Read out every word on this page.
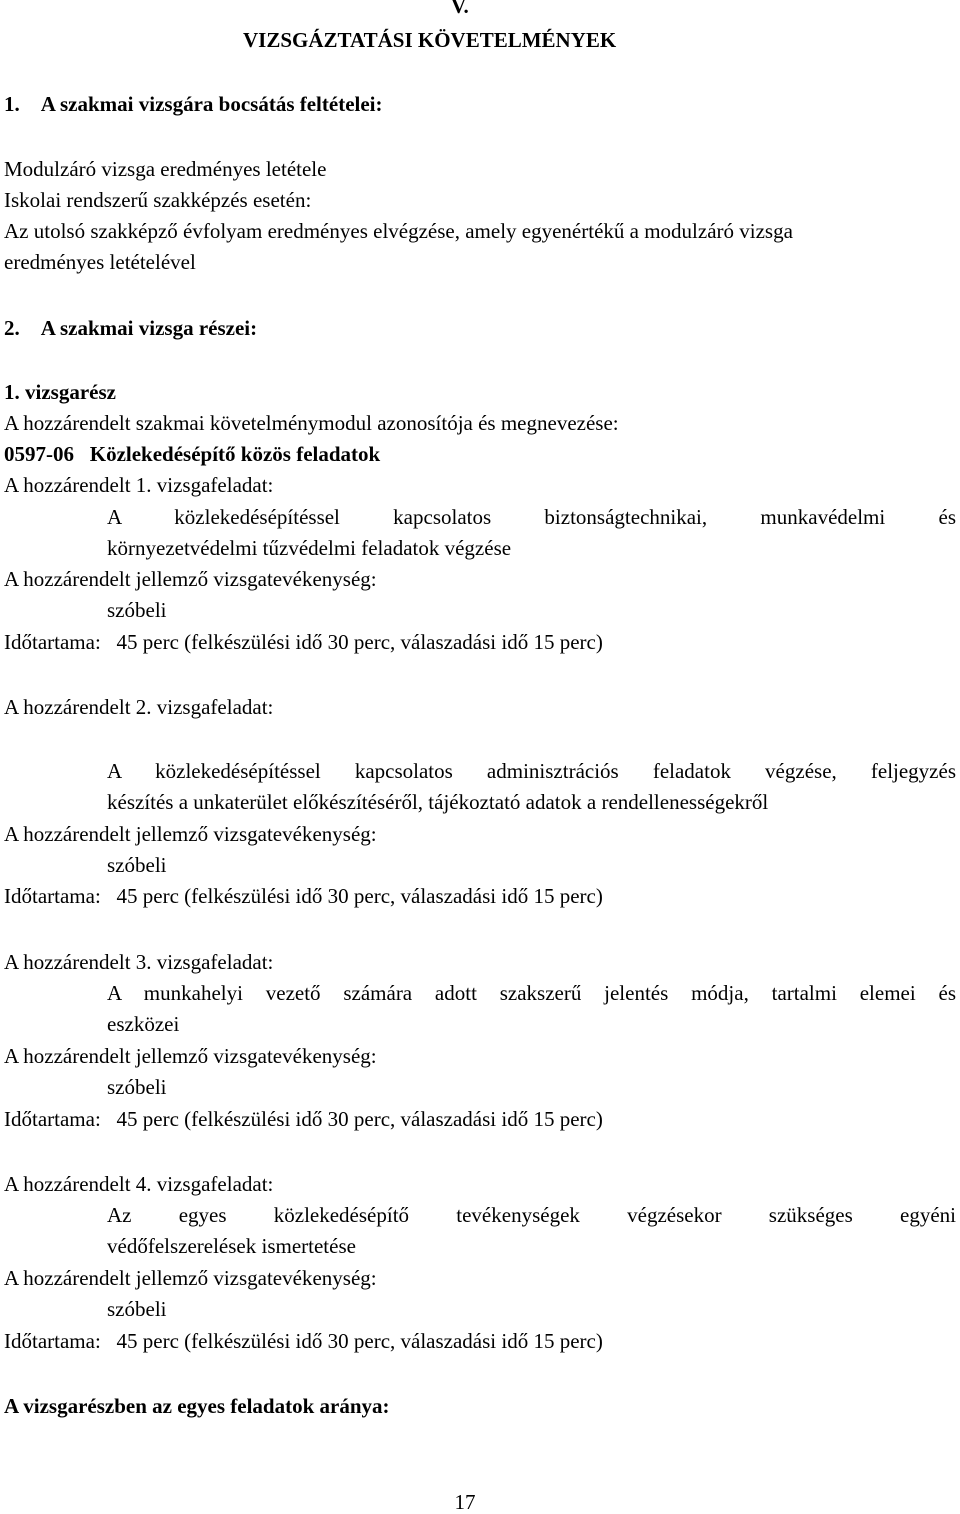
V.
VIZSGÁZTATÁSI KÖVETELMÉNYEK
1.    A szakmai vizsgára bocsátás feltételei:
Modulzáró vizsga eredményes letétele
Iskolai rendszerű szakképzés esetén:
Az utolsó szakképző évfolyam eredményes elvégzése, amely egyenértékű a modulzáró vizsga
eredményes letételével
2.    A szakmai vizsga részei:
1. vizsgarész
A hozzárendelt szakmai követelménymodul azonosítója és megnevezése:
0597-06   Közlekedésépítő közös feladatok
A hozzárendelt 1. vizsgafeladat:
A közlekedésépítéssel kapcsolatos biztonságtechnikai, munkavédelmi és
környezetvédelmi tűzvédelmi feladatok végzése
A hozzárendelt jellemző vizsgatevékenység:
szóbeli
Időtartama:   45 perc (felkészülési idő 30 perc, válaszadási idő 15 perc)
A hozzárendelt 2. vizsgafeladat:
A közlekedésépítéssel kapcsolatos adminisztrációs feladatok végzése, feljegyzés
készítés a unkaterület előkészítéséről, tájékoztató adatok a rendellenességekről
A hozzárendelt jellemző vizsgatevékenység:
szóbeli
Időtartama:   45 perc (felkészülési idő 30 perc, válaszadási idő 15 perc)
A hozzárendelt 3. vizsgafeladat:
A munkahelyi vezető számára adott szakszerű jelentés módja, tartalmi elemei és
eszközei
A hozzárendelt jellemző vizsgatevékenység:
szóbeli
Időtartama:   45 perc (felkészülési idő 30 perc, válaszadási idő 15 perc)
A hozzárendelt 4. vizsgafeladat:
Az egyes közlekedésépítő tevékenységek végzésekor szükséges egyéni
védőfelszerelések ismertetése
A hozzárendelt jellemző vizsgatevékenység:
szóbeli
Időtartama:   45 perc (felkészülési idő 30 perc, válaszadási idő 15 perc)
A vizsgarészben az egyes feladatok aránya:
17
